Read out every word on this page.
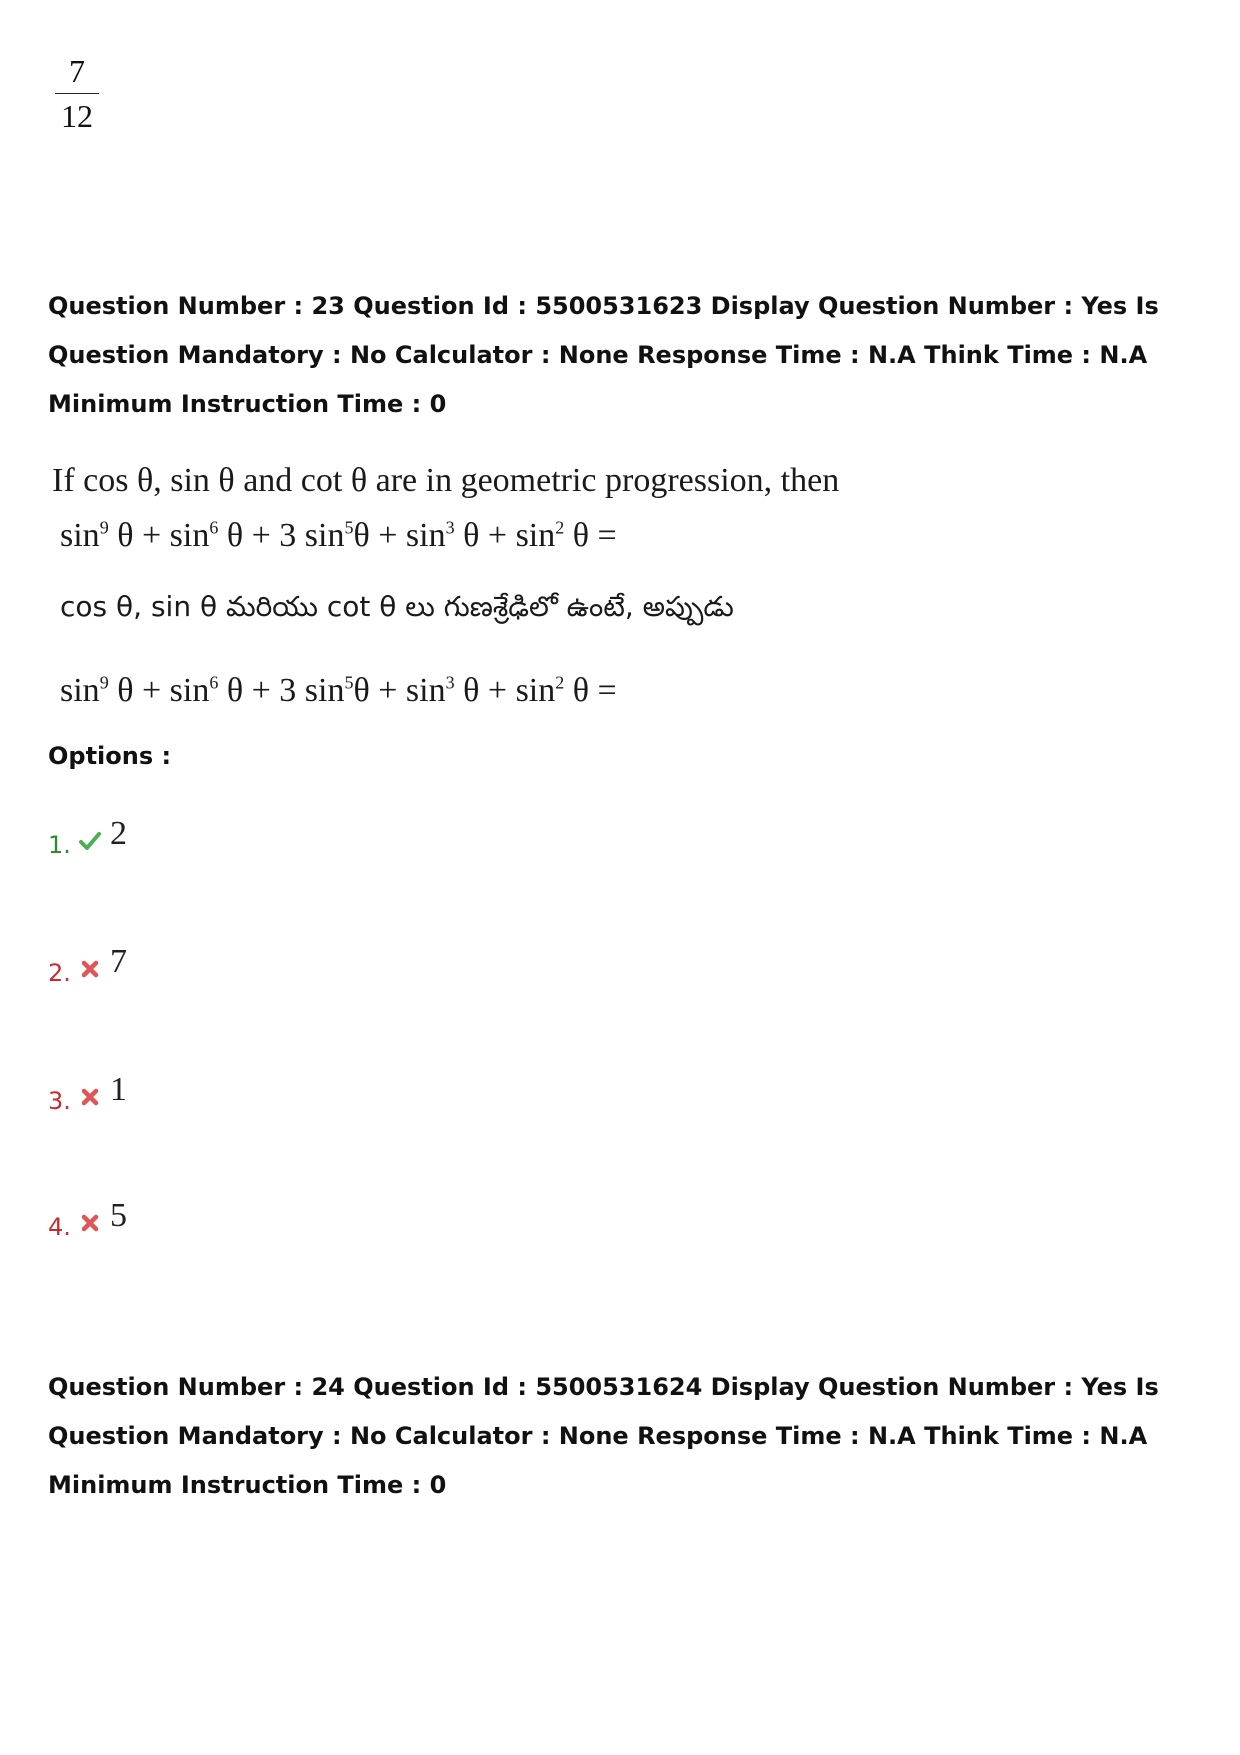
7
12
Question Number : 23 Question Id : 5500531623 Display Question Number : Yes Is Question Mandatory : No Calculator : None Response Time : N.A Think Time : N.A Minimum Instruction Time : 0
If cos θ, sin θ and cot θ are in geometric progression, then
$\sin^9 \theta + \sin^6 \theta + 3$ $\sin^5\theta + \sin^3 \theta + \sin^2 \theta$ =
cos θ, sin θ మరియు cot θ లు గుణశ్రేఢిలో ఉంటే, అప్పుడు
$\sin^9 \theta + \sin^6 \theta + 3$ $\sin^5\theta + \sin^3 \theta + \sin^2 \theta$ =
Options :
1. 2
2. 7
3. 1
4. 5
Question Number : 24 Question Id : 5500531624 Display Question Number : Yes Is Question Mandatory : No Calculator : None Response Time : N.A Think Time : N.A Minimum Instruction Time : 0
